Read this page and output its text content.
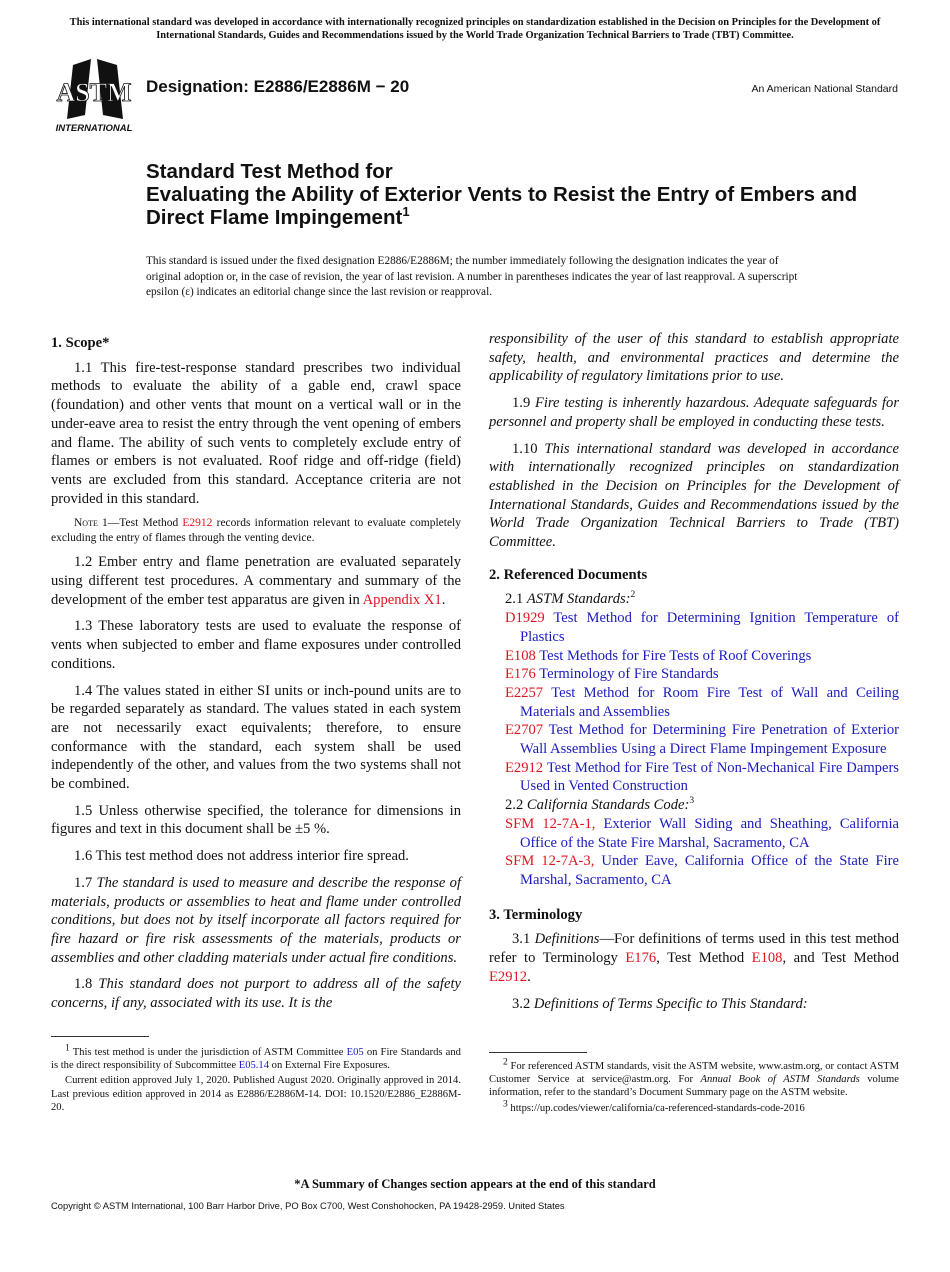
This international standard was developed in accordance with internationally recognized principles on standardization established in the Decision on Principles for the Development of International Standards, Guides and Recommendations issued by the World Trade Organization Technical Barriers to Trade (TBT) Committee.
ASTM
INTERNATIONAL
Designation: E2886/E2886M − 20	An American National Standard
Standard Test Method for
Evaluating the Ability of Exterior Vents to Resist the Entry of Embers and Direct Flame Impingement$^1$
This standard is issued under the fixed designation E2886/E2886M; the number immediately following the designation indicates the year of original adoption or, in the case of revision, the year of last revision. A number in parentheses indicates the year of last reapproval. A superscript epsilon (ε) indicates an editorial change since the last revision or reapproval.
1. Scope*

1.1 This fire-test-response standard prescribes two individual methods to evaluate the ability of a gable end, crawl space (foundation) and other vents that mount on a vertical wall or in the under-eave area to resist the entry through the vent opening of embers and flame. The ability of such vents to completely exclude entry of flames or embers is not evaluated. Roof ridge and off-ridge (field) vents are excluded from this standard. Acceptance criteria are not provided in this standard.

Note 1—Test Method E2912 records information relevant to evaluate completely excluding the entry of flames through the venting device.

1.2 Ember entry and flame penetration are evaluated separately using different test procedures. A commentary and summary of the development of the ember test apparatus are given in Appendix X1.

1.3 These laboratory tests are used to evaluate the response of vents when subjected to ember and flame exposures under controlled conditions.

1.4 The values stated in either SI units or inch-pound units are to be regarded separately as standard. The values stated in each system are not necessarily exact equivalents; therefore, to ensure conformance with the standard, each system shall be used independently of the other, and values from the two systems shall not be combined.

1.5 Unless otherwise specified, the tolerance for dimensions in figures and text in this document shall be ±5 %.

1.6 This test method does not address interior fire spread.

1.7 The standard is used to measure and describe the response of materials, products or assemblies to heat and flame under controlled conditions, but does not by itself incorporate all factors required for fire hazard or fire risk assessments of the materials, products or assemblies and other cladding materials under actual fire conditions.

1.8 This standard does not purport to address all of the safety concerns, if any, associated with its use. It is the

responsibility of the user of this standard to establish appropriate safety, health, and environmental practices and determine the applicability of regulatory limitations prior to use.

1.9 Fire testing is inherently hazardous. Adequate safeguards for personnel and property shall be employed in conducting these tests.

1.10 This international standard was developed in accordance with internationally recognized principles on standardization established in the Decision on Principles for the Development of International Standards, Guides and Recommendations issued by the World Trade Organization Technical Barriers to Trade (TBT) Committee.

2. Referenced Documents
2.1 ASTM Standards:$^2$
D1929 Test Method for Determining Ignition Temperature of Plastics
E108 Test Methods for Fire Tests of Roof Coverings
E176 Terminology of Fire Standards
E2257 Test Method for Room Fire Test of Wall and Ceiling Materials and Assemblies
E2707 Test Method for Determining Fire Penetration of Exterior Wall Assemblies Using a Direct Flame Impingement Exposure
E2912 Test Method for Fire Test of Non-Mechanical Fire Dampers Used in Vented Construction
2.2 California Standards Code:$^3$
SFM 12-7A-1, Exterior Wall Siding and Sheathing, California Office of the State Fire Marshal, Sacramento, CA
SFM 12-7A-3, Under Eave, California Office of the State Fire Marshal, Sacramento, CA
3. Terminology

3.1 Definitions—For definitions of terms used in this test method refer to Terminology E176, Test Method E108, and Test Method E2912.

3.2 Definitions of Terms Specific to This Standard:

$^1$ This test method is under the jurisdiction of ASTM Committee E05 on Fire Standards and is the direct responsibility of Subcommittee E05.14 on External Fire Exposures.

Current edition approved July 1, 2020. Published August 2020. Originally approved in 2014. Last previous edition approved in 2014 as E2886/E2886M-14. DOI: 10.1520/E2886_E2886M-20.

$^2$ For referenced ASTM standards, visit the ASTM website, www.astm.org, or contact ASTM Customer Service at service@astm.org. For Annual Book of ASTM Standards volume information, refer to the standard’s Document Summary page on the ASTM website.

$^3$ https://up.codes/viewer/california/ca-referenced-standards-code-2016

*A Summary of Changes section appears at the end of this standard
Copyright © ASTM International, 100 Barr Harbor Drive, PO Box C700, West Conshohocken, PA 19428-2959. United States
